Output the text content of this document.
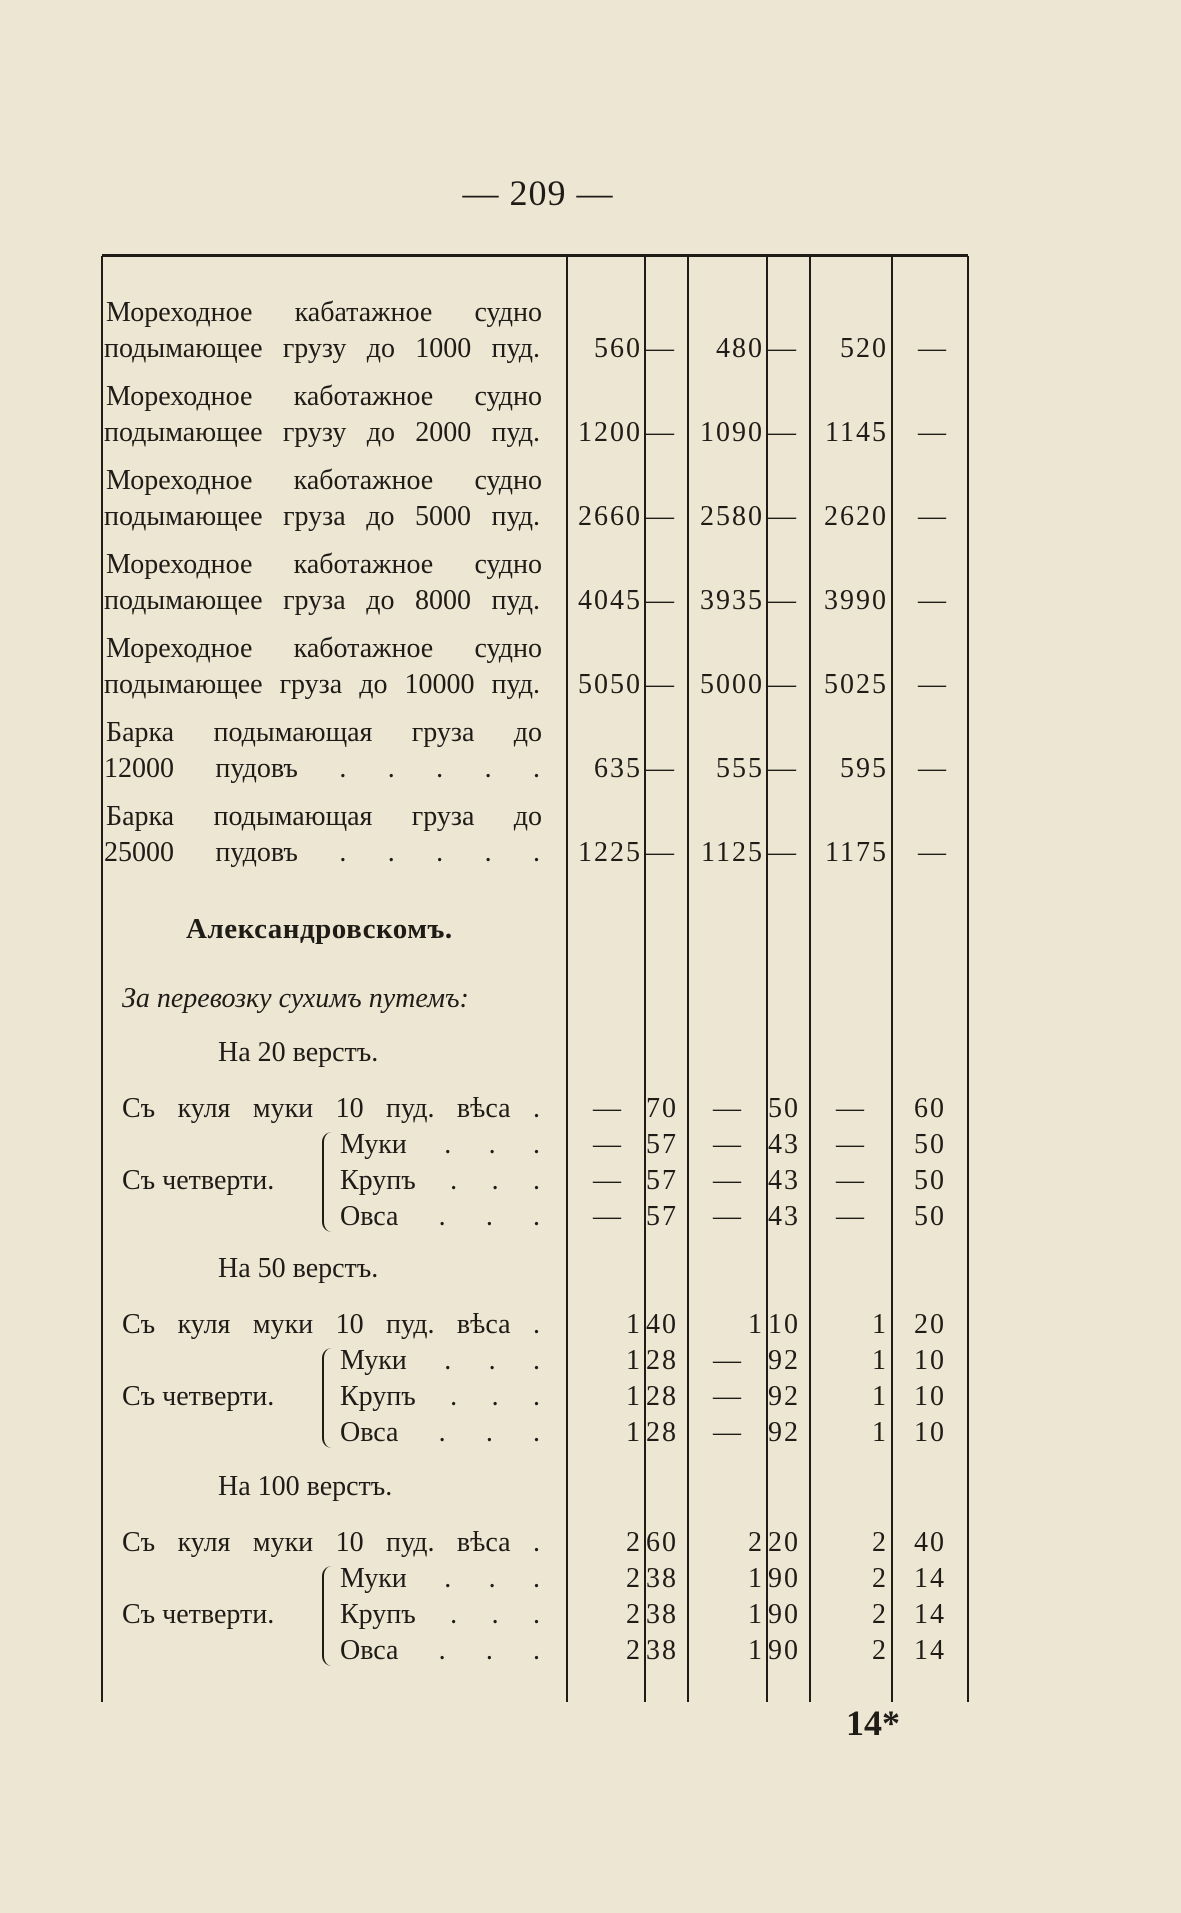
— 209 —
Мореходное кабатажное судно
подымающее грузу до 1000 пуд.	560 —	480 —	520	—
Мореходное каботажное судно
подымающее грузу до 2000 пуд. 1200 — 1090 —	1145	—
Мореходное каботажное судно
подымающее груза до 5000 пуд. 2660 — 2580 —	2620	—
Мореходное каботажное судно
подымающее груза до 8000 пуд. 4045 — 3935 —	3990	—
Мореходное каботажное судно
подымающее груза до 10000 пуд. 5050 — 5000 —	5025	—
Барка подымающая груза до
12000 пудовъ . . . . .	635 —	555 —	595	—
Барка подымающая груза до
25000 пудовъ . . . . . 1225 — 1125 —	1175	—
Александровскомъ.
За перевозку сухимъ путемъ:
На 20 верстъ.
Съ куля муки 10 пуд. вѣса .	— 70	— 50	—	60
Съ четверти.
Муки . . .	— 57	— 43	—	50
Крупъ . . .	— 57	— 43	—	50
Овса . . .	— 57	— 43	—	50
На 50 верстъ.
Съ куля муки 10 пуд. вѣса .	1 40	1 10	1 20
Съ четверти.
Муки . . .	1 28	— 92	1 10
Крупъ . . .	1 28	— 92	1 10
Овса . . .	1 28	— 92	1 10
На 100 верстъ.
Съ куля муки 10 пуд. вѣса .	2 60	2 20	2 40
Съ четверти.
Муки . . .	2 38	1 90	2 14
Крупъ . . .	2 38	1 90	2 14
Овса . . .	2 38	1 90	2 14
14*
